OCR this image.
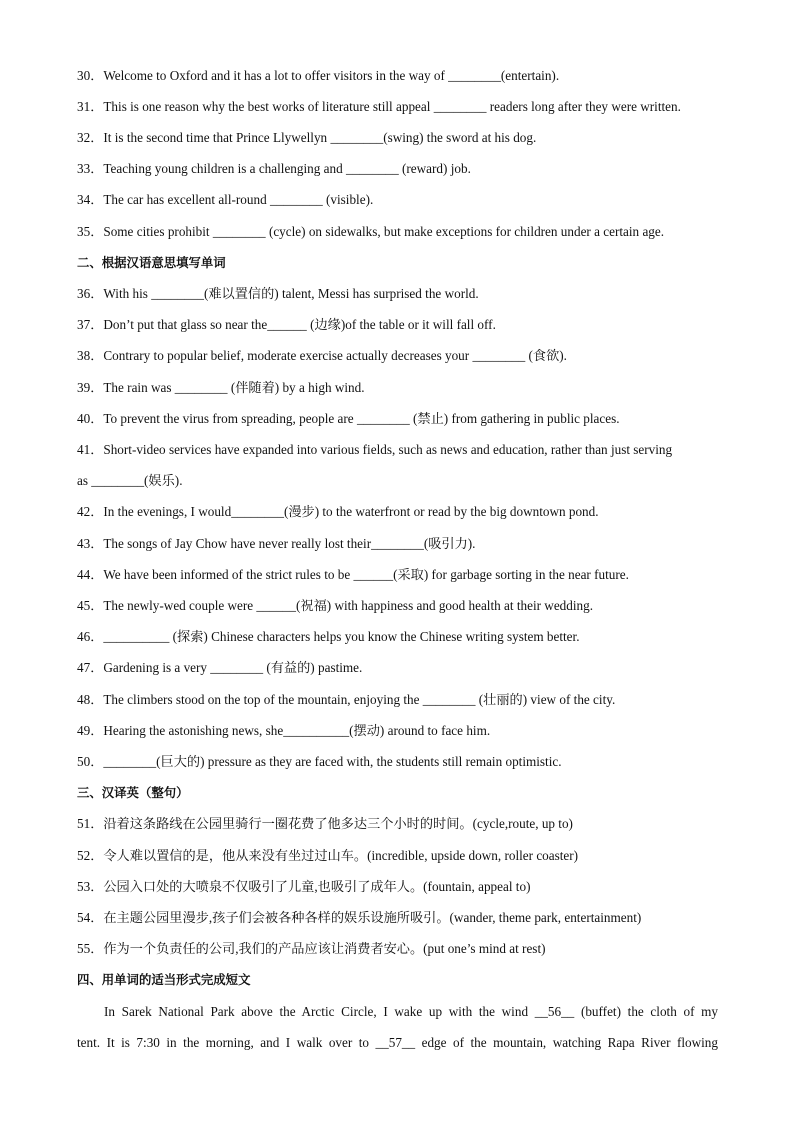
30．Welcome to Oxford and it has a lot to offer visitors in the way of ________(entertain).
31．This is one reason why the best works of literature still appeal ________ readers long after they were written.
32．It is the second time that Prince Llywellyn ________(swing) the sword at his dog.
33．Teaching young children is a challenging and ________ (reward) job.
34．The car has excellent all-round ________ (visible).
35．Some cities prohibit ________ (cycle) on sidewalks, but make exceptions for children under a certain age.
二、根据汉语意思填写单词
36．With his ________(难以置信的) talent, Messi has surprised the world.
37．Don’t put that glass so near the______ (边缘)of the table or it will fall off.
38．Contrary to popular belief, moderate exercise actually decreases your ________ (食欲).
39．The rain was ________ (伴随着) by a high wind.
40．To prevent the virus from spreading, people are ________ (禁止) from gathering in public places.
41．Short-video services have expanded into various fields, such as news and education, rather than just serving
as ________(娱乐).
42．In the evenings, I would________(漫步) to the waterfront or read by the big downtown pond.
43．The songs of Jay Chow have never really lost their________(吸引力).
44．We have been informed of the strict rules to be ______(采取) for garbage sorting in the near future.
45．The newly-wed couple were ______(祝福) with happiness and good health at their wedding.
46．__________ (探索) Chinese characters helps you know the Chinese writing system better.
47．Gardening is a very ________ (有益的) pastime.
48．The climbers stood on the top of the mountain, enjoying the ________ (壮丽的) view of the city.
49．Hearing the astonishing news, she__________(摆动) around to face him.
50．________(巨大的) pressure as they are faced with, the students still remain optimistic.
三、汉译英（整句）
51．沿着这条路线在公园里骑行一圈花费了他多达三个小时的时间。(cycle,route, up to)
52．令人难以置信的是，他从来没有坐过过山车。(incredible, upside down, roller coaster)
53．公园入口处的大喷泉不仅吸引了儿童,也吸引了成年人。(fountain, appeal to)
54．在主题公园里漫步,孩子们会被各种各样的娱乐设施所吸引。(wander, theme park, entertainment)
55．作为一个负责任的公司,我们的产品应该让消费者安心。(put one’s mind at rest)
四、用单词的适当形式完成短文
In Sarek National Park above the Arctic Circle, I wake up with the wind __56__ (buffet) the cloth of my
tent. It is 7:30 in the morning, and I walk over to __57__ edge of the mountain, watching Rapa River flowing
